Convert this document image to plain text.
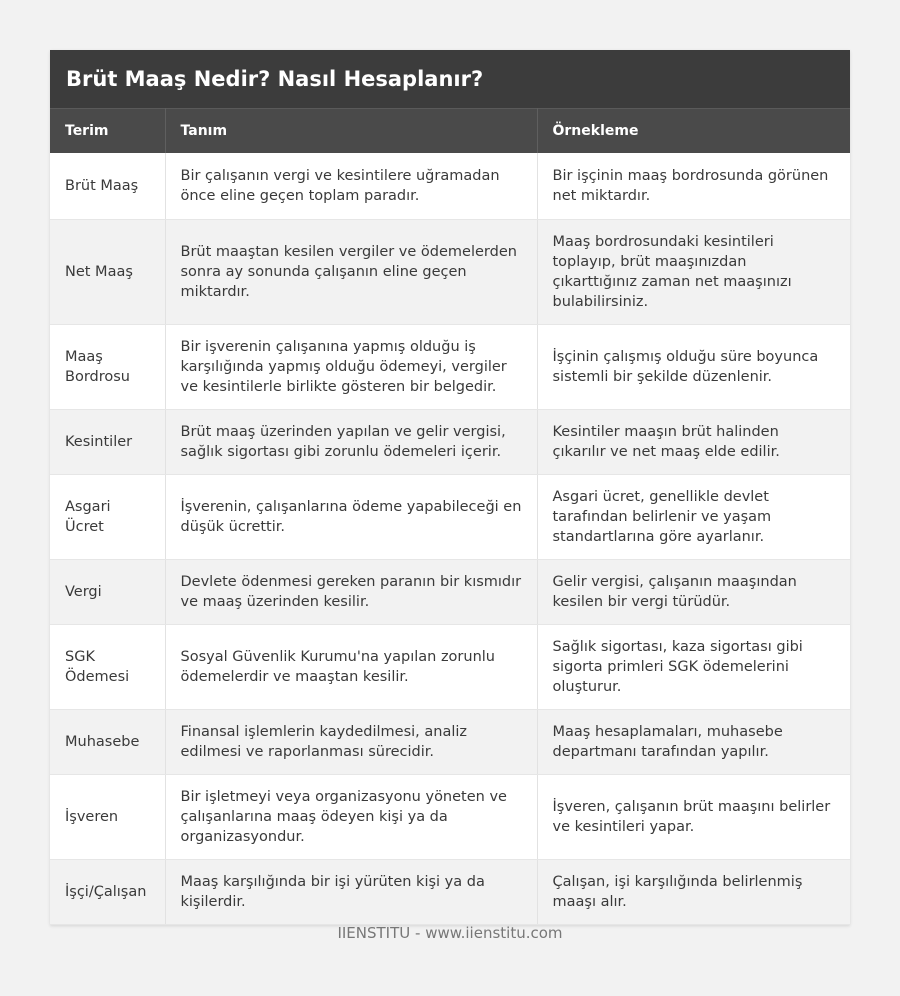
Brüt Maaş Nedir? Nasıl Hesaplanır?
Terim	Tanım	Örnekleme
Brüt Maaş	Bir çalışanın vergi ve kesintilere uğramadan önce eline geçen toplam paradır.	Bir işçinin maaş bordrosunda görünen net miktardır.
Net Maaş	Brüt maaştan kesilen vergiler ve ödemelerden sonra ay sonunda çalışanın eline geçen miktardır.	Maaş bordrosundaki kesintileri toplayıp, brüt maaşınızdan çıkarttığınız zaman net maaşınızı bulabilirsiniz.
Maaş Bordrosu	Bir işverenin çalışanına yapmış olduğu iş karşılığında yapmış olduğu ödemeyi, vergiler ve kesintilerle birlikte gösteren bir belgedir.	İşçinin çalışmış olduğu süre boyunca sistemli bir şekilde düzenlenir.
Kesintiler	Brüt maaş üzerinden yapılan ve gelir vergisi, sağlık sigortası gibi zorunlu ödemeleri içerir.	Kesintiler maaşın brüt halinden çıkarılır ve net maaş elde edilir.
Asgari Ücret	İşverenin, çalışanlarına ödeme yapabileceği en düşük ücrettir.	Asgari ücret, genellikle devlet tarafından belirlenir ve yaşam standartlarına göre ayarlanır.
Vergi	Devlete ödenmesi gereken paranın bir kısmıdır ve maaş üzerinden kesilir.	Gelir vergisi, çalışanın maaşından kesilen bir vergi türüdür.
SGK Ödemesi	Sosyal Güvenlik Kurumu'na yapılan zorunlu ödemelerdir ve maaştan kesilir.	Sağlık sigortası, kaza sigortası gibi sigorta primleri SGK ödemelerini oluşturur.
Muhasebe	Finansal işlemlerin kaydedilmesi, analiz edilmesi ve raporlanması sürecidir.	Maaş hesaplamaları, muhasebe departmanı tarafından yapılır.
İşveren	Bir işletmeyi veya organizasyonu yöneten ve çalışanlarına maaş ödeyen kişi ya da organizasyondur.	İşveren, çalışanın brüt maaşını belirler ve kesintileri yapar.
İşçi/Çalışan	Maaş karşılığında bir işi yürüten kişi ya da kişilerdir.	Çalışan, işi karşılığında belirlenmiş maaşı alır.
IIENSTITU - www.iienstitu.com
